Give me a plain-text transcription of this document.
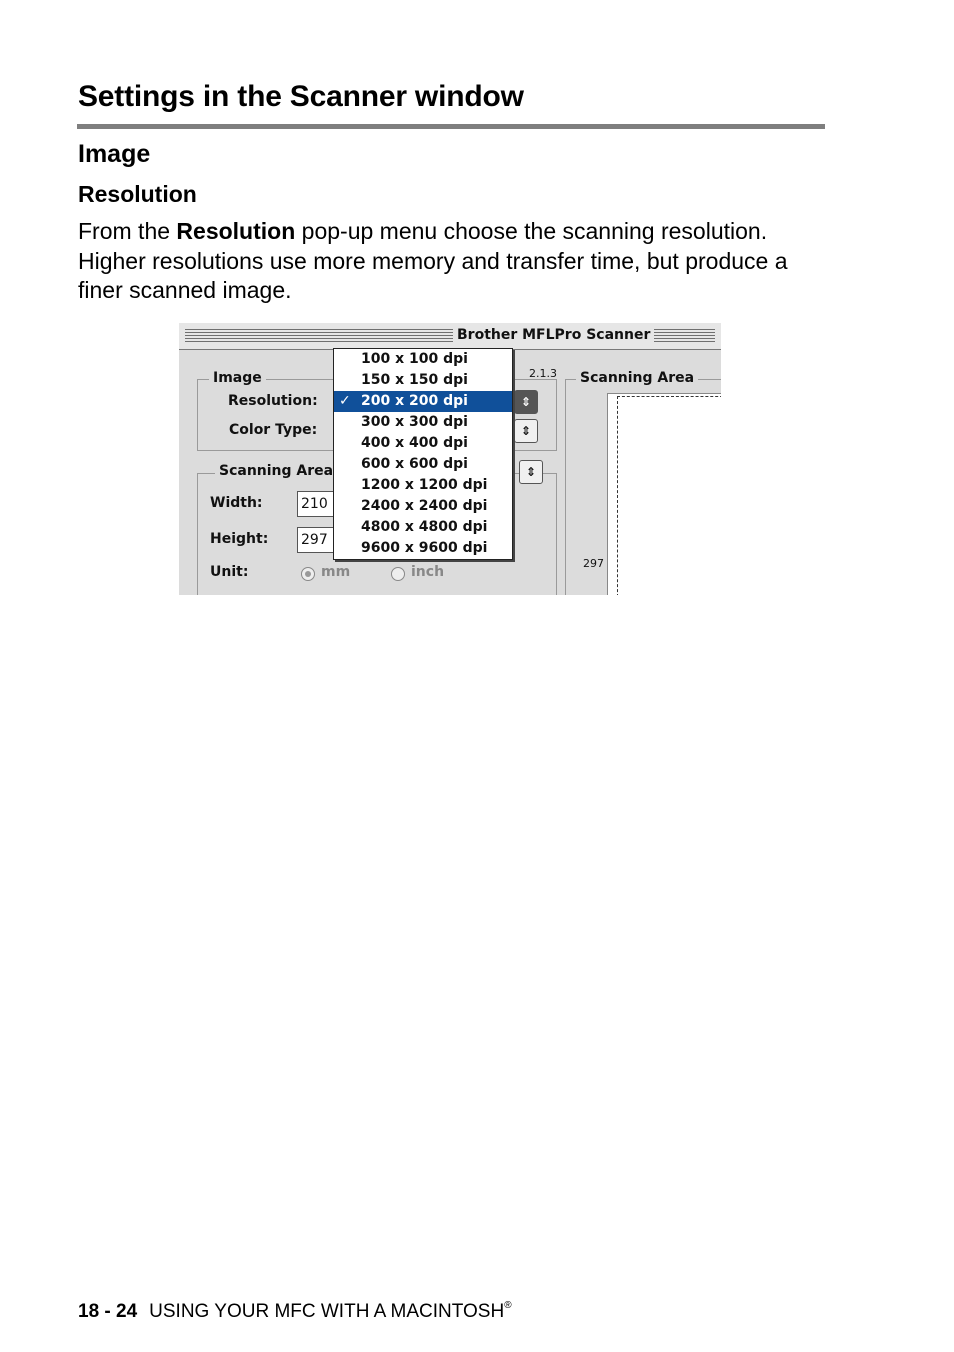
Settings in the Scanner window
Image
Resolution
From the Resolution pop-up menu choose the scanning resolution. Higher resolutions use more memory and transfer time, but produce a finer scanned image.
Brother MFLPro Scanner
Image
Resolution:	⇕
Color Type:	⇕
2.1.3
Scanning Area	⇕
Width:	210
Height: 297
Unit:	mm	inch
Scanning Area
297
100 x 100 dpi
150 x 150 dpi
✓ 200 x 200 dpi
300 x 300 dpi
400 x 400 dpi
600 x 600 dpi
1200 x 1200 dpi
2400 x 2400 dpi
4800 x 4800 dpi
9600 x 9600 dpi
18 - 24 USING YOUR MFC WITH A MACINTOSH®
